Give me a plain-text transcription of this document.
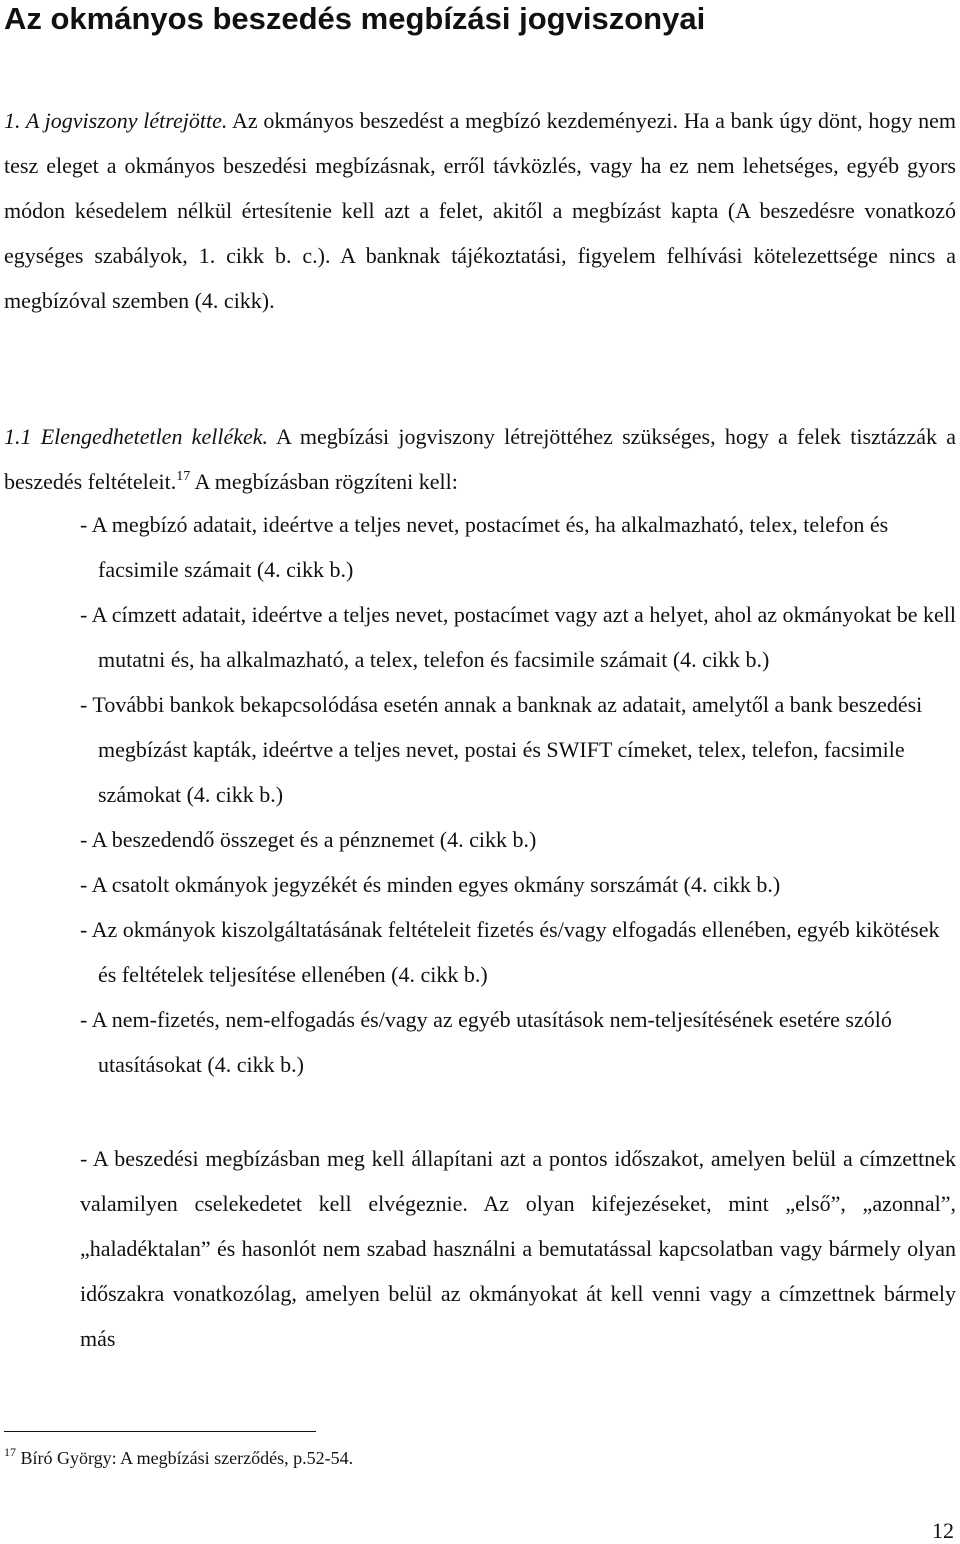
Az okmányos beszedés megbízási jogviszonyai

1. A jogviszony létrejötte. Az okmányos beszedést a megbízó kezdeményezi. Ha a bank úgy dönt, hogy nem tesz eleget a okmányos beszedési megbízásnak, erről távközlés, vagy ha ez nem lehetséges, egyéb gyors módon késedelem nélkül értesítenie kell azt a felet, akitől a megbízást kapta (A beszedésre vonatkozó egységes szabályok, 1. cikk b. c.). A banknak tájékoztatási, figyelem felhívási kötelezettsége nincs a megbízóval szemben (4. cikk).

1.1 Elengedhetetlen kellékek. A megbízási jogviszony létrejöttéhez szükséges, hogy a felek tisztázzák a beszedés feltételeit.$^{17}$ A megbízásban rögzíteni kell:

- A megbízó adatait, ideértve a teljes nevet, postacímet és, ha alkalmazható, telex, telefon és facsimile számait (4. cikk b.)
- A címzett adatait, ideértve a teljes nevet, postacímet vagy azt a helyet, ahol az okmányokat be kell mutatni és, ha alkalmazható, a telex, telefon és facsimile számait (4. cikk b.)
- További bankok bekapcsolódása esetén annak a banknak az adatait, amelytől a bank beszedési megbízást kapták, ideértve a teljes nevet, postai és SWIFT címeket, telex, telefon, facsimile számokat (4. cikk b.)
- A beszedendő összeget és a pénznemet (4. cikk b.)
- A csatolt okmányok jegyzékét és minden egyes okmány sorszámát (4. cikk b.)
- Az okmányok kiszolgáltatásának feltételeit fizetés és/vagy elfogadás ellenében, egyéb kikötések és feltételek teljesítése ellenében (4. cikk b.)
- A nem-fizetés, nem-elfogadás és/vagy az egyéb utasítások nem-teljesítésének esetére szóló utasításokat (4. cikk b.)

- A beszedési megbízásban meg kell állapítani azt a pontos időszakot, amelyen belül a címzettnek valamilyen cselekedetet kell elvégeznie. Az olyan kifejezéseket, mint „első”, „azonnal”, „haladéktalan” és hasonlót nem szabad használni a bemutatással kapcsolatban vagy bármely olyan időszakra vonatkozólag, amelyen belül az okmányokat át kell venni vagy a címzettnek bármely más

$^{17}$ Bíró György: A megbízási szerződés, p.52-54.

12
